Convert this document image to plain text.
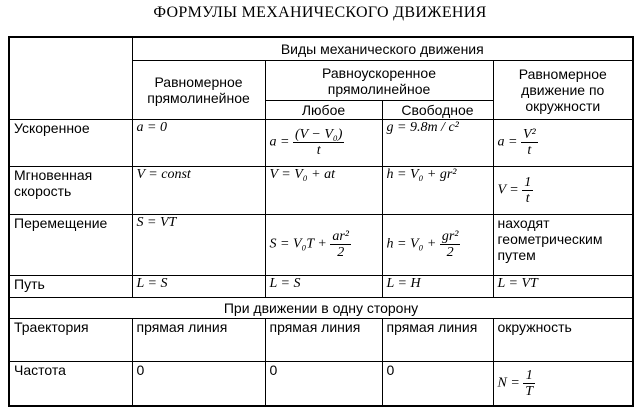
ФОРМУЛЫ МЕХАНИЧЕСКОГО ДВИЖЕНИЯ
	Виды механического движения			
	Равномерное прямолинейное	Равноускоренное прямолинейное		Равномерное движение по окружности
		Любое	Свободное	
Ускоренное	a = 0	$a = \frac{\text{(V − V₀)}}{t}$	g = 9.8m / c²	$a = \frac{\text{V²}}{t}$

Мгновенная скорость	V = const	V = V₀ + at	h = V₀ + gr²	$V = \frac{1}{t}$

Перемещение	S = VT	$S = V_0T + \frac{\text{ar²}}{2}$	$h = V_0 + \frac{\text{gr²}}{2}$	находят геометрическим путем
Путь	L = S	L = S	L = H	L = VT
При движении в одну сторону				
Траектория	прямая линия	прямая линия	прямая линия	окружность
Частота	0	0	0	$N = \frac{1}{T}$
